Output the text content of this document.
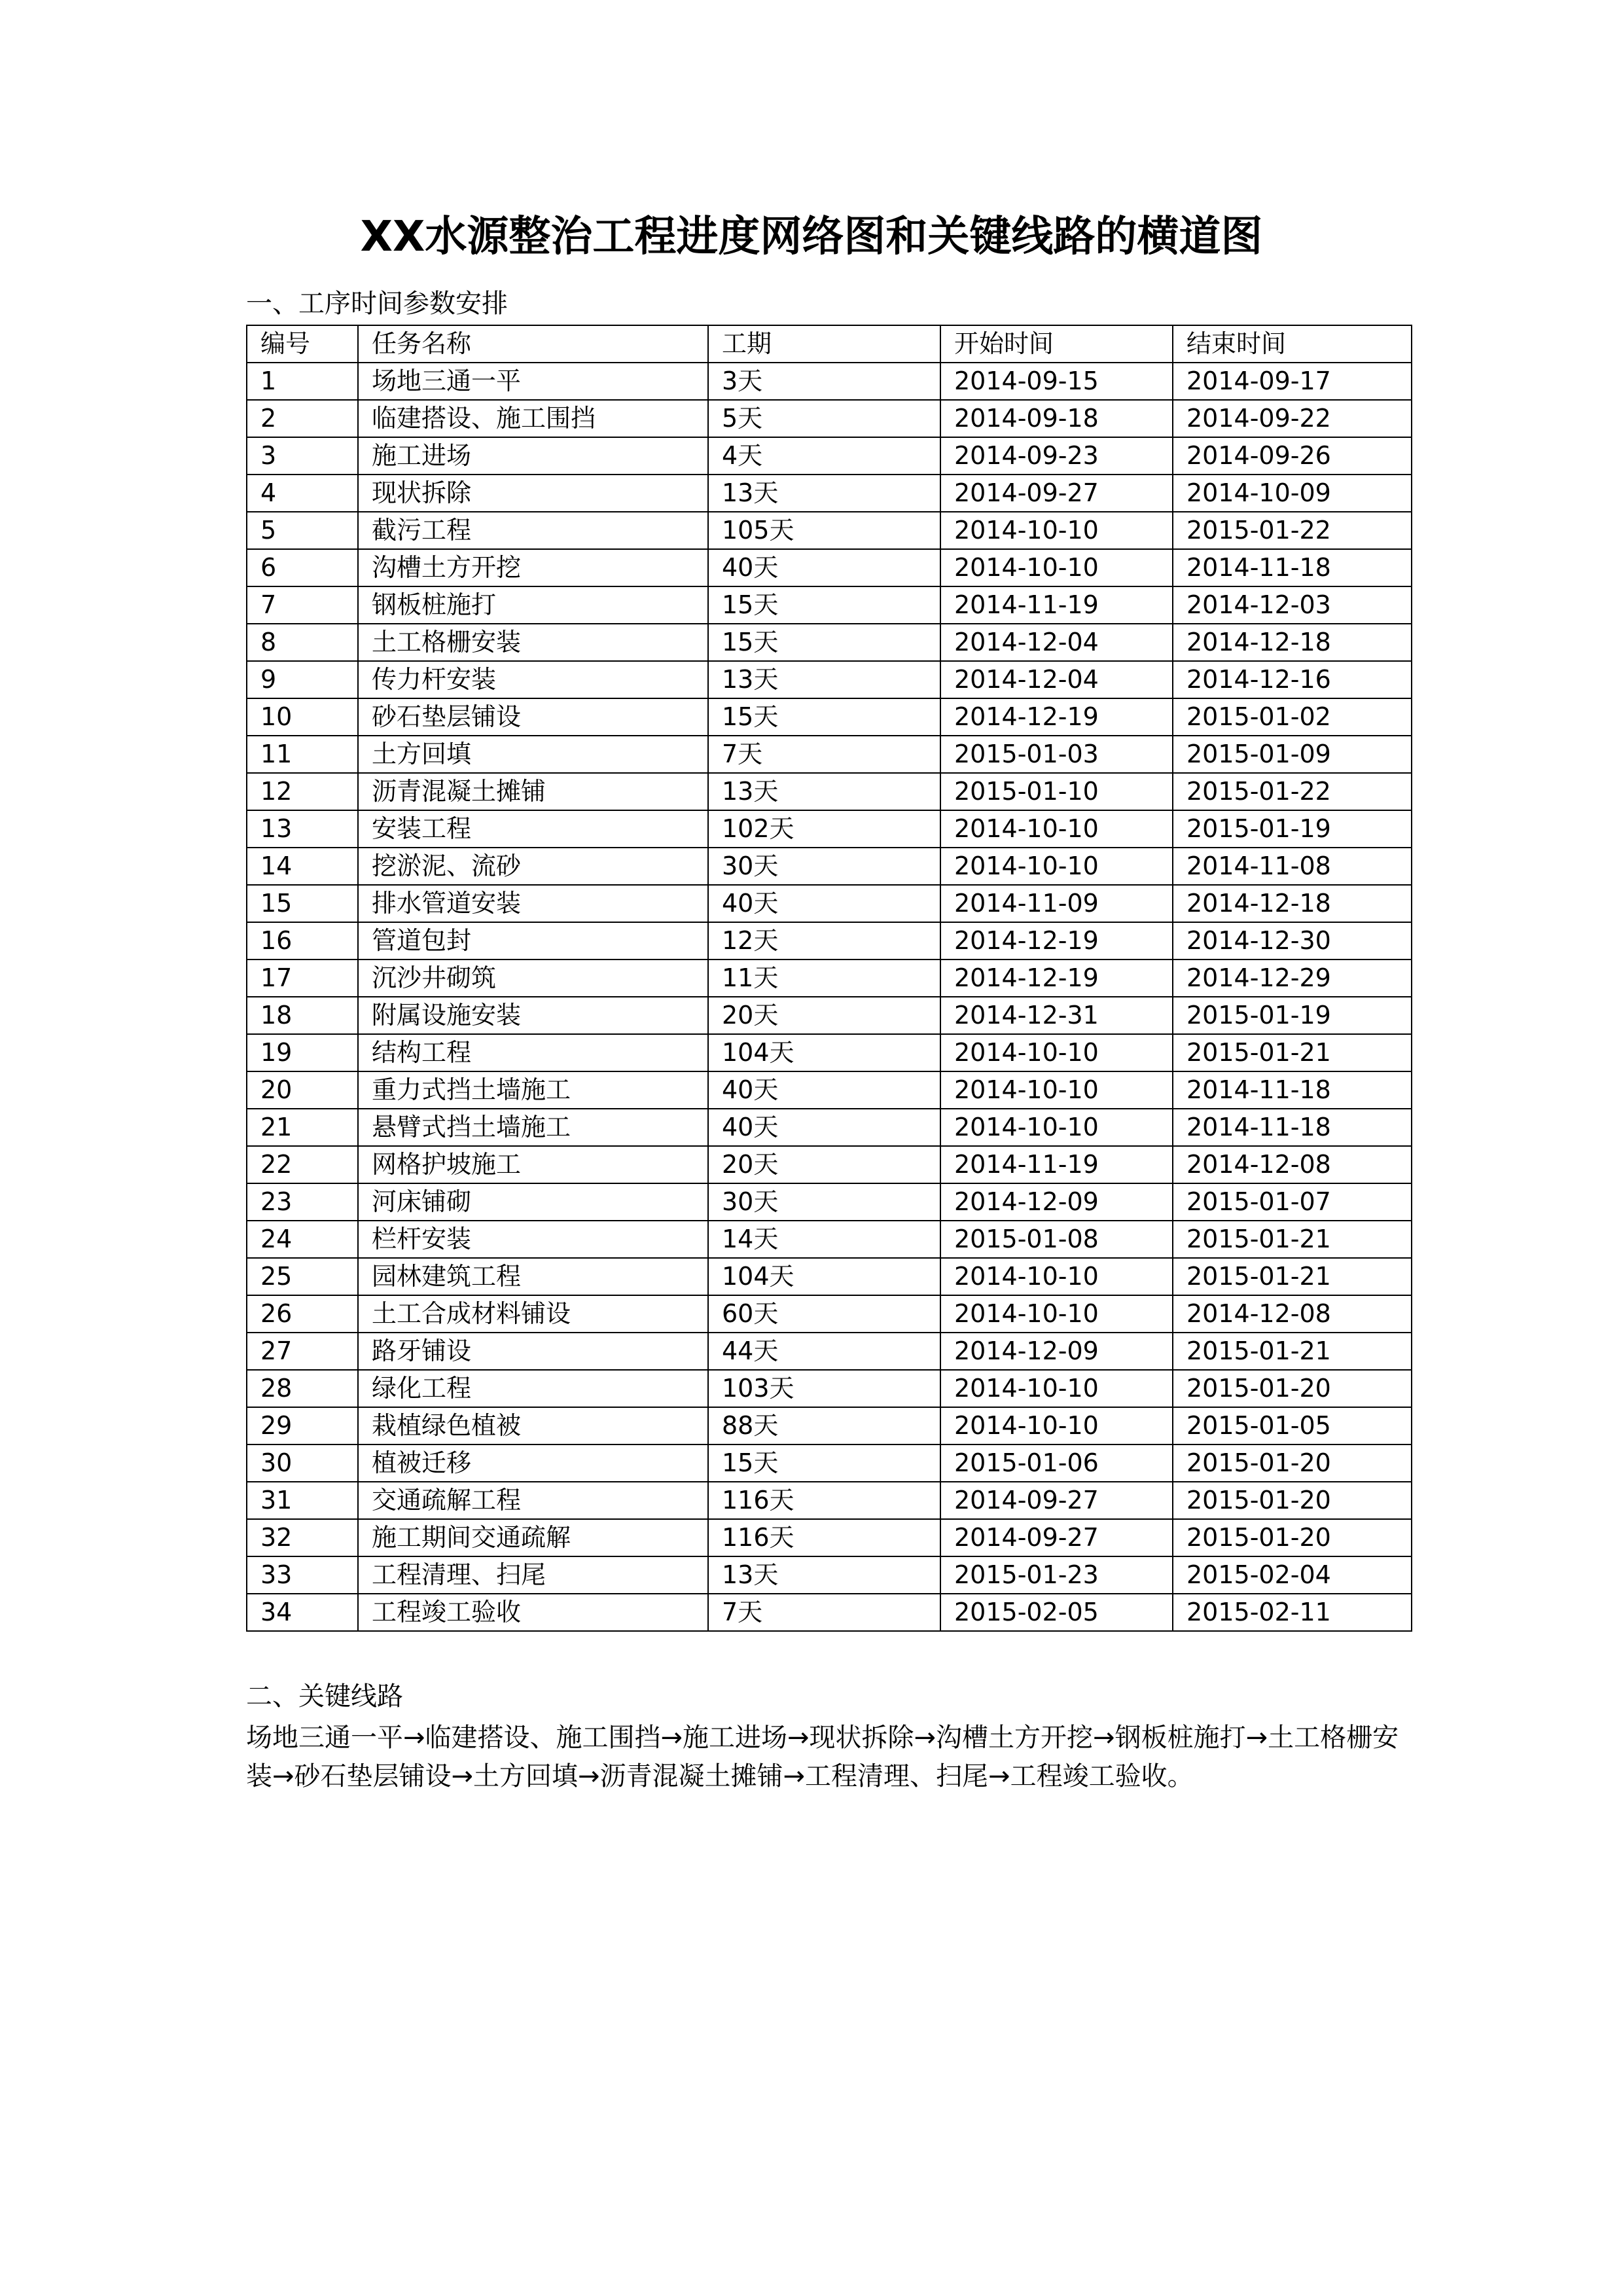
XX水源整治工程进度网络图和关键线路的横道图
一、工序时间参数安排
编号	任务名称	工期	开始时间	结束时间
1	场地三通一平	3天	2014-09-15	2014-09-17
2	临建搭设、施工围挡	5天	2014-09-18	2014-09-22
3	施工进场	4天	2014-09-23	2014-09-26
4	现状拆除	13天	2014-09-27	2014-10-09
5	截污工程	105天	2014-10-10	2015-01-22
6	沟槽土方开挖	40天	2014-10-10	2014-11-18
7	钢板桩施打	15天	2014-11-19	2014-12-03
8	土工格栅安装	15天	2014-12-04	2014-12-18
9	传力杆安装	13天	2014-12-04	2014-12-16
10	砂石垫层铺设	15天	2014-12-19	2015-01-02
11	土方回填	7天	2015-01-03	2015-01-09
12	沥青混凝土摊铺	13天	2015-01-10	2015-01-22
13	安装工程	102天	2014-10-10	2015-01-19
14	挖淤泥、流砂	30天	2014-10-10	2014-11-08
15	排水管道安装	40天	2014-11-09	2014-12-18
16	管道包封	12天	2014-12-19	2014-12-30
17	沉沙井砌筑	11天	2014-12-19	2014-12-29
18	附属设施安装	20天	2014-12-31	2015-01-19
19	结构工程	104天	2014-10-10	2015-01-21
20	重力式挡土墙施工	40天	2014-10-10	2014-11-18
21	悬臂式挡土墙施工	40天	2014-10-10	2014-11-18
22	网格护坡施工	20天	2014-11-19	2014-12-08
23	河床铺砌	30天	2014-12-09	2015-01-07
24	栏杆安装	14天	2015-01-08	2015-01-21
25	园林建筑工程	104天	2014-10-10	2015-01-21
26	土工合成材料铺设	60天	2014-10-10	2014-12-08
27	路牙铺设	44天	2014-12-09	2015-01-21
28	绿化工程	103天	2014-10-10	2015-01-20
29	栽植绿色植被	88天	2014-10-10	2015-01-05
30	植被迁移	15天	2015-01-06	2015-01-20
31	交通疏解工程	116天	2014-09-27	2015-01-20
32	施工期间交通疏解	116天	2014-09-27	2015-01-20
33	工程清理、扫尾	13天	2015-01-23	2015-02-04
34	工程竣工验收	7天	2015-02-05	2015-02-11
二、关键线路
场地三通一平→临建搭设、施工围挡→施工进场→现状拆除→沟槽土方开挖→钢板桩施打→土工格栅安装→砂石垫层铺设→土方回填→沥青混凝土摊铺→工程清理、扫尾→工程竣工验收。
